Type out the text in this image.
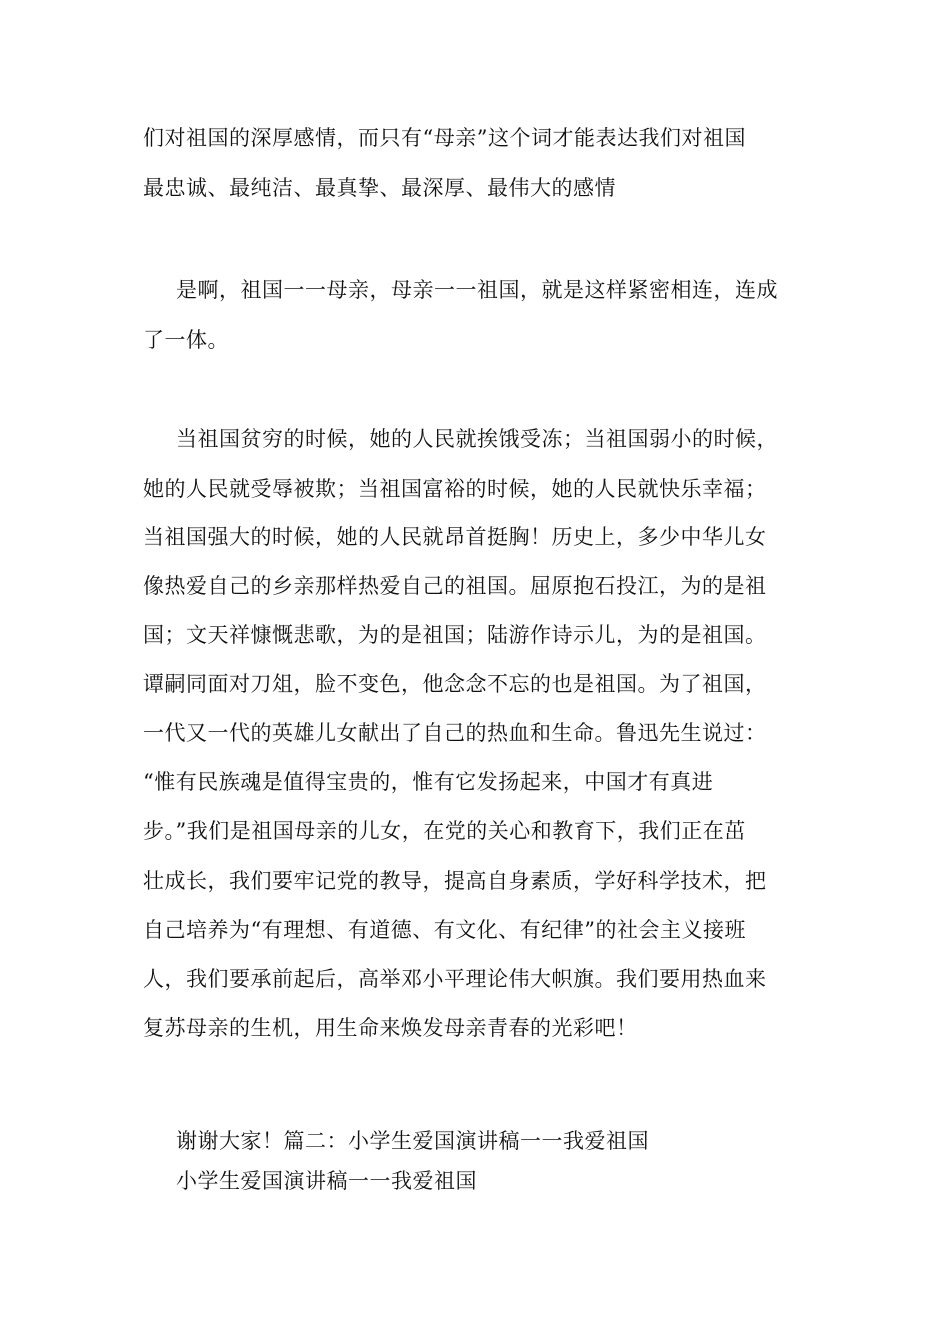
们对祖国的深厚感情，而只有“母亲”这个词才能表达我们对祖国
最忠诚、最纯洁、最真挚、最深厚、最伟大的感情
是啊，祖国一一母亲，母亲一一祖国，就是这样紧密相连，连成
了一体。
当祖国贫穷的时候，她的人民就挨饿受冻；当祖国弱小的时候，
她的人民就受辱被欺；当祖国富裕的时候，她的人民就快乐幸福；
当祖国强大的时候，她的人民就昂首挺胸！历史上，多少中华儿女
像热爱自己的乡亲那样热爱自己的祖国。屈原抱石投江，为的是祖
国；文天祥慷慨悲歌，为的是祖国；陆游作诗示儿，为的是祖国。
谭嗣同面对刀俎，脸不变色，他念念不忘的也是祖国。为了祖国，
一代又一代的英雄儿女献出了自己的热血和生命。鲁迅先生说过：
“惟有民族魂是值得宝贵的，惟有它发扬起来，中国才有真进
步。”我们是祖国母亲的儿女，在党的关心和教育下，我们正在茁
壮成长，我们要牢记党的教导，提高自身素质，学好科学技术，把
自己培养为“有理想、有道德、有文化、有纪律”的社会主义接班
人，我们要承前起后，高举邓小平理论伟大帜旗。我们要用热血来
复苏母亲的生机，用生命来焕发母亲青春的光彩吧！
谢谢大家！篇二：小学生爱国演讲稿一一我爱祖国
小学生爱国演讲稿一一我爱祖国
